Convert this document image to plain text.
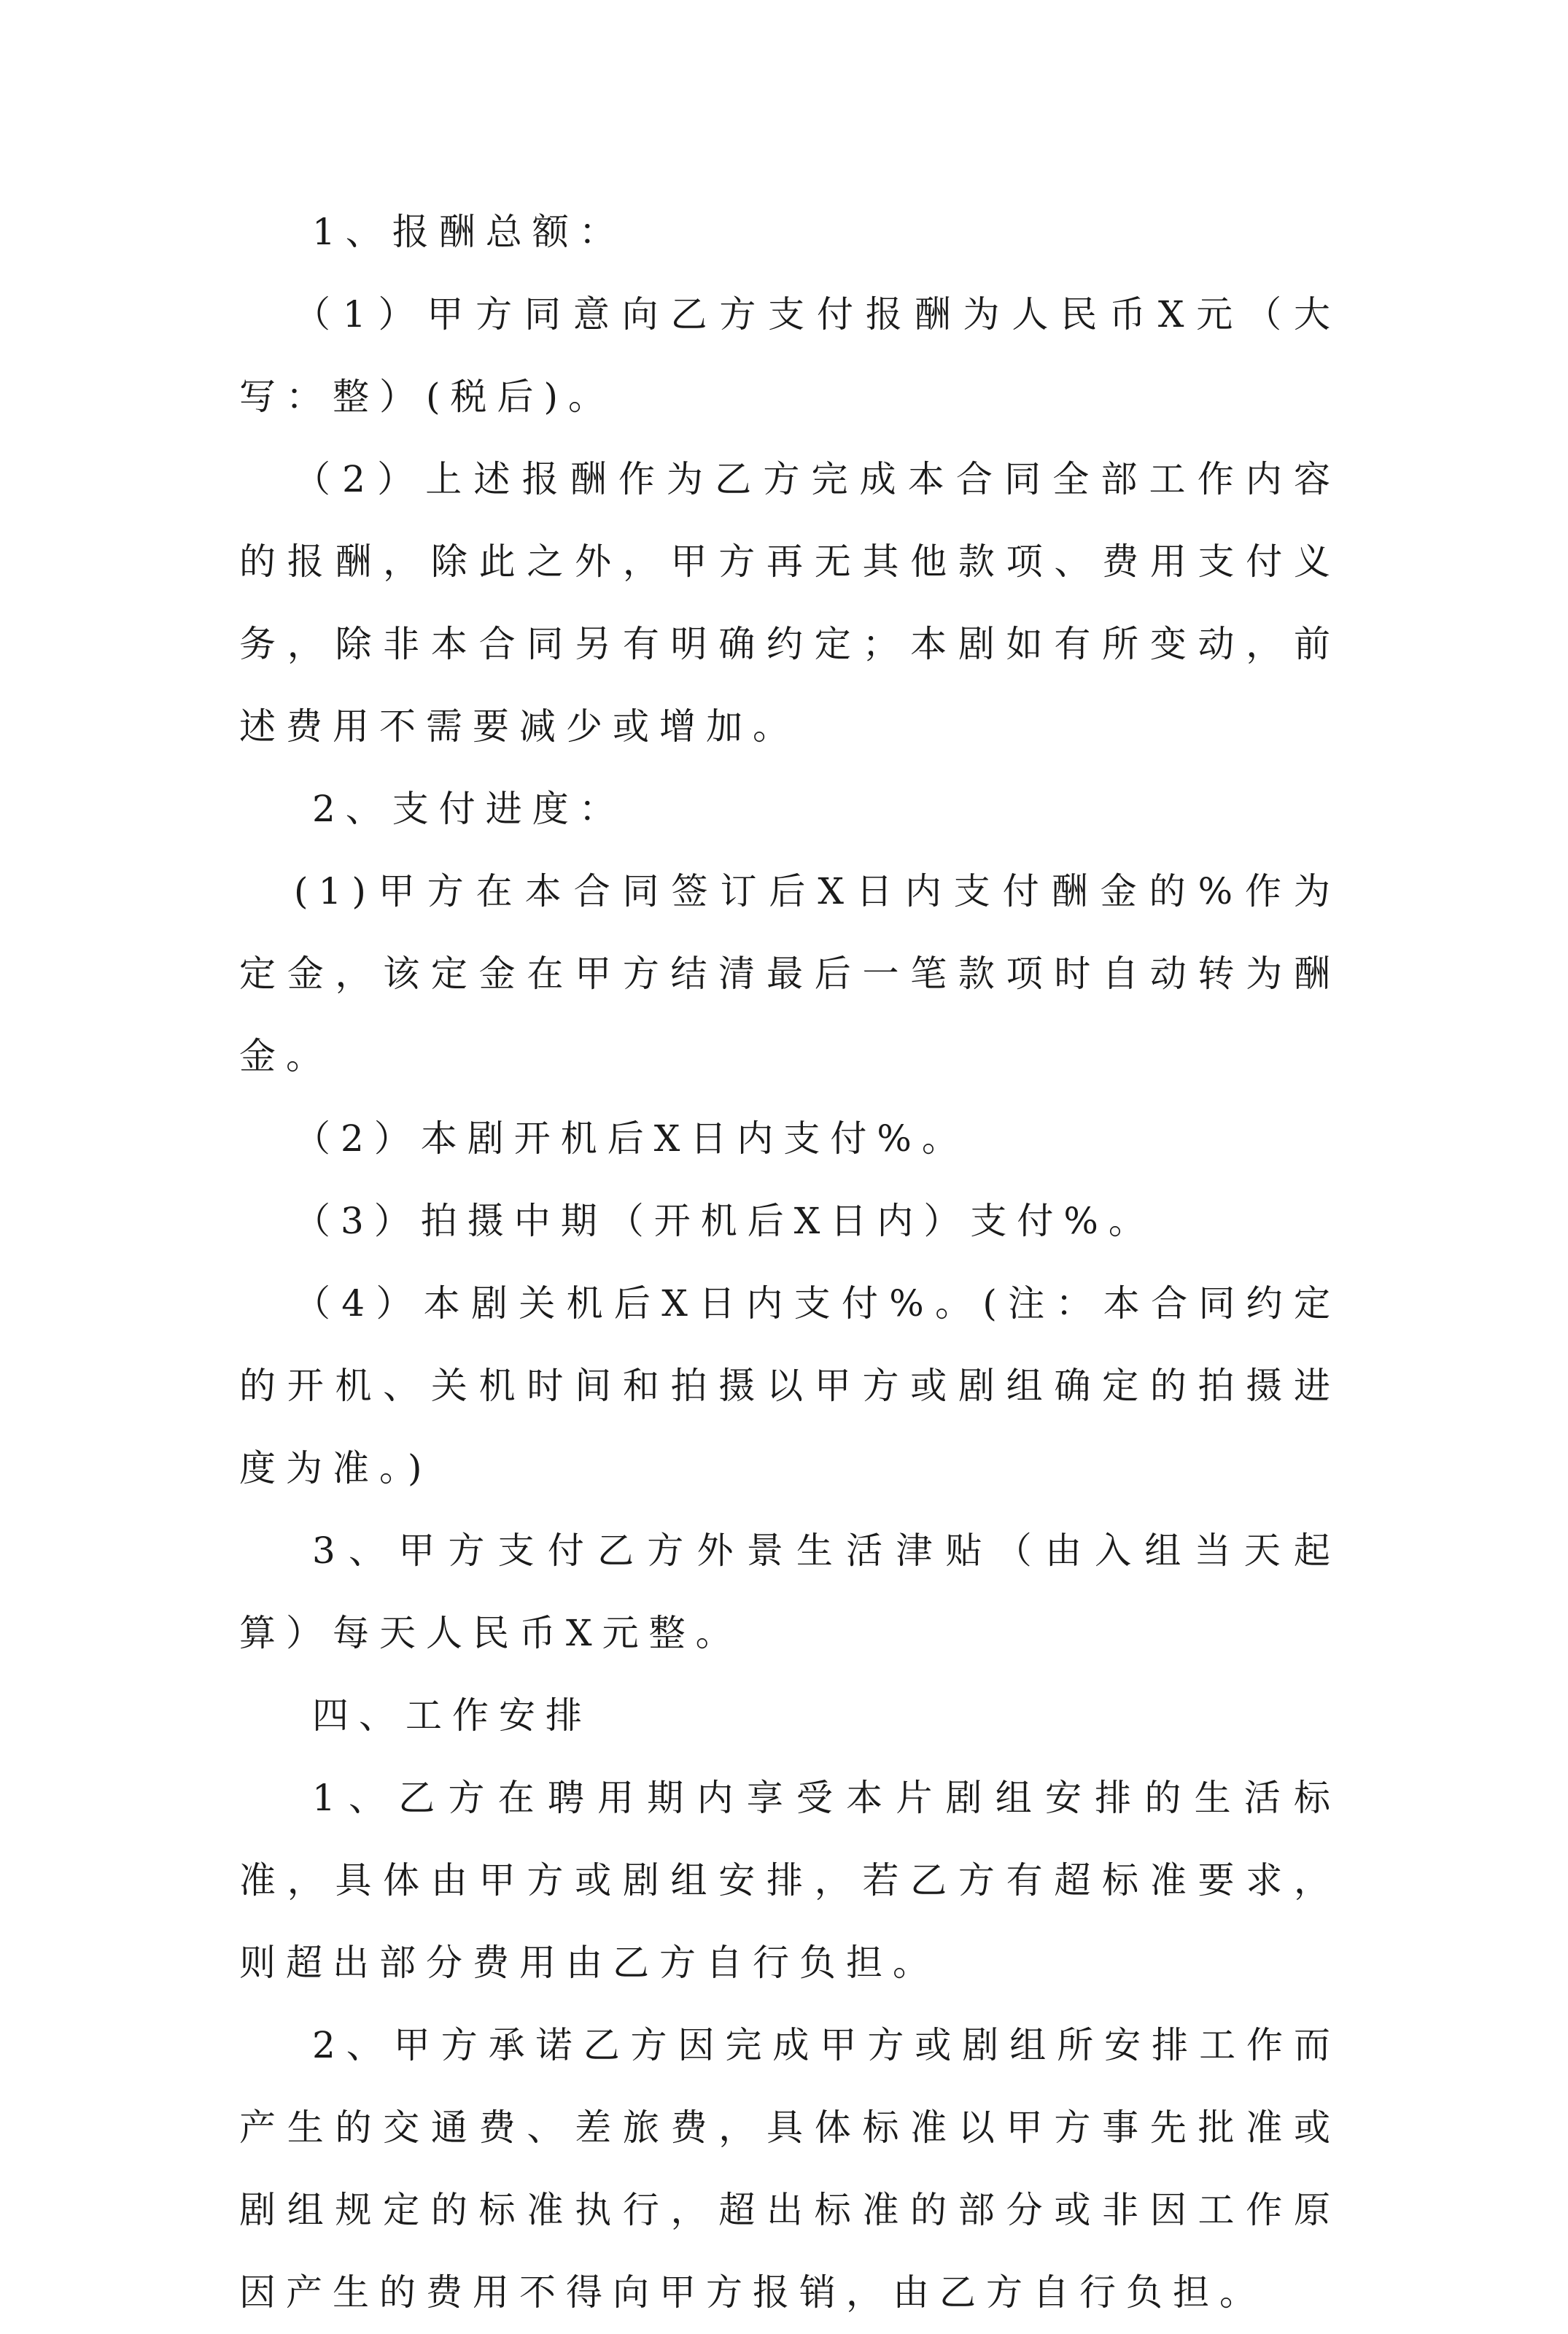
1、报酬总额：

（1）甲方同意向乙方支付报酬为人民币X元（大写：整）(税后)。

（2）上述报酬作为乙方完成本合同全部工作内容的报酬，除此之外，甲方再无其他款项、费用支付义务，除非本合同另有明确约定；本剧如有所变动，前述费用不需要减少或增加。

2、支付进度：

(1)甲方在本合同签订后X日内支付酬金的%作为定金，该定金在甲方结清最后一笔款项时自动转为酬金。

（2）本剧开机后X日内支付%。

（3）拍摄中期（开机后X日内）支付%。

（4）本剧关机后X日内支付%。(注：本合同约定的开机、关机时间和拍摄以甲方或剧组确定的拍摄进度为准。)

3、甲方支付乙方外景生活津贴（由入组当天起算）每天人民币X元整。

四、工作安排

1、乙方在聘用期内享受本片剧组安排的生活标准，具体由甲方或剧组安排，若乙方有超标准要求，则超出部分费用由乙方自行负担。

2、甲方承诺乙方因完成甲方或剧组所安排工作而产生的交通费、差旅费，具体标准以甲方事先批准或剧组规定的标准执行，超出标准的部分或非因工作原因产生的费用不得向甲方报销，由乙方自行负担。
